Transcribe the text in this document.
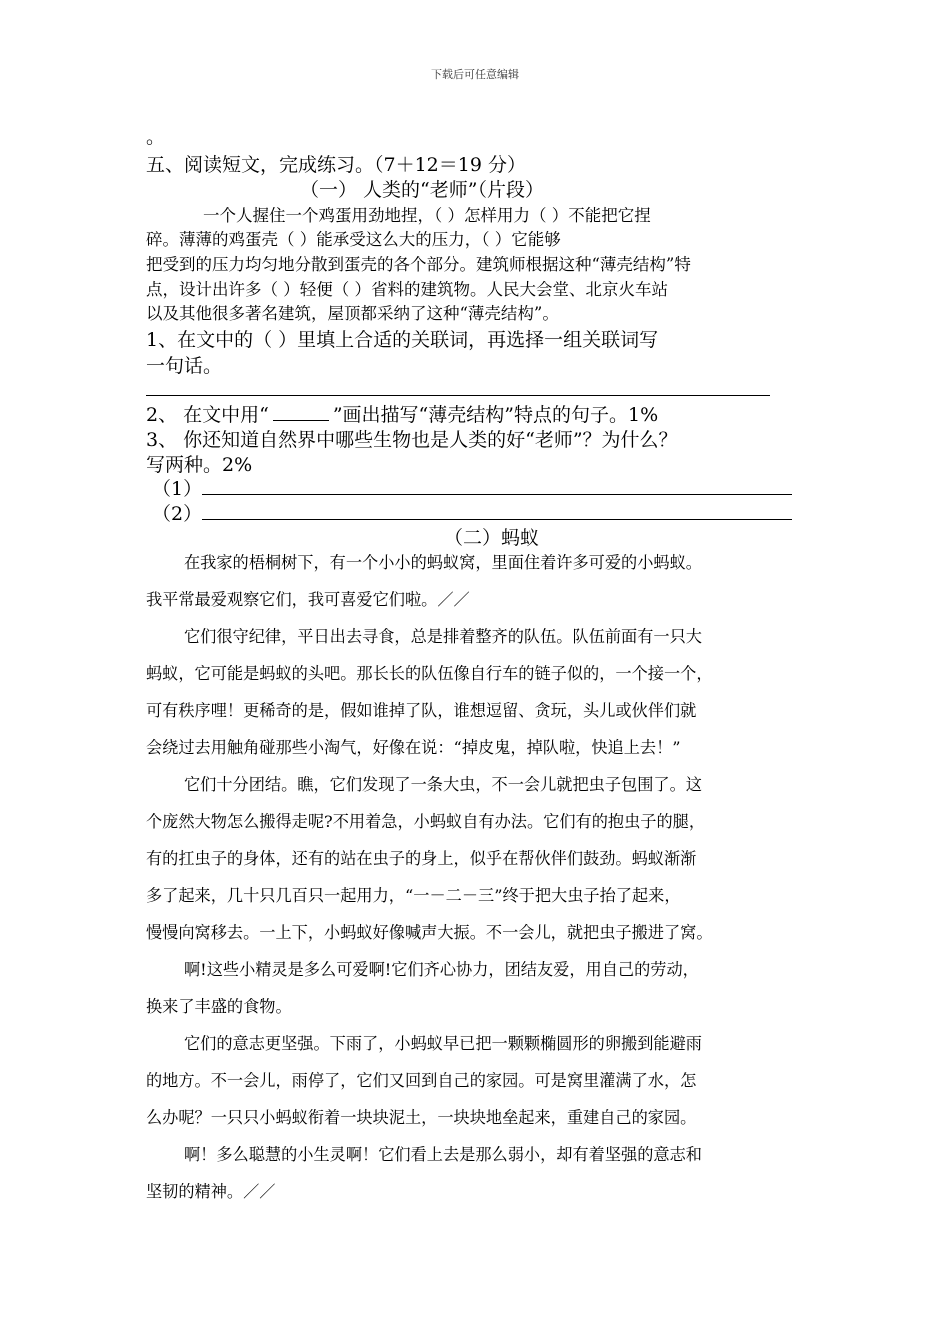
下载后可任意编辑
。
五、阅读短文，完成练习。（7＋12＝19 分）
（一） 人类的“老师”（片段）
一个人握住一个鸡蛋用劲地捏，（ ）怎样用力（ ）不能把它捏
碎。薄薄的鸡蛋壳（ ）能承受这么大的压力，（ ）它能够
把受到的压力均匀地分散到蛋壳的各个部分。建筑师根据这种“薄壳结构”特
点，设计出许多（ ）轻便（ ）省料的建筑物。人民大会堂、北京火车站
以及其他很多著名建筑，屋顶都采纳了这种“薄壳结构”。
1、在文中的（ ）里填上合适的关联词，再选择一组关联词写
一句话。
2、 在文中用“	”画出描写“薄壳结构”特点的句子。1%
3、 你还知道自然界中哪些生物也是人类的好“老师”？为什么？
写两种。2%
（1）
（2）
（二）蚂蚁
在我家的梧桐树下，有一个小小的蚂蚁窝，里面住着许多可爱的小蚂蚁。
我平常最爱观察它们，我可喜爱它们啦。／／
它们很守纪律，平日出去寻食，总是排着整齐的队伍。队伍前面有一只大
蚂蚁，它可能是蚂蚁的头吧。那长长的队伍像自行车的链子似的，一个接一个，
可有秩序哩！更稀奇的是，假如谁掉了队，谁想逗留、贪玩，头儿或伙伴们就
会绕过去用触角碰那些小淘气，好像在说：“掉皮鬼，掉队啦，快追上去！”
它们十分团结。瞧，它们发现了一条大虫，不一会儿就把虫子包围了。这
个庞然大物怎么搬得走呢?不用着急，小蚂蚁自有办法。它们有的抱虫子的腿，
有的扛虫子的身体，还有的站在虫子的身上，似乎在帮伙伴们鼓劲。蚂蚁渐渐
多了起来，几十只几百只一起用力，“一－二－三”终于把大虫子抬了起来，
慢慢向窝移去。一上下，小蚂蚁好像喊声大振。不一会儿，就把虫子搬进了窝。
啊!这些小精灵是多么可爱啊!它们齐心协力，团结友爱，用自己的劳动，
换来了丰盛的食物。
它们的意志更坚强。下雨了，小蚂蚁早已把一颗颗椭圆形的卵搬到能避雨
的地方。不一会儿，雨停了，它们又回到自己的家园。可是窝里灌满了水，怎
么办呢？一只只小蚂蚁衔着一块块泥土，一块块地垒起来，重建自己的家园。
啊！多么聪慧的小生灵啊！它们看上去是那么弱小，却有着坚强的意志和
坚韧的精神。／／
